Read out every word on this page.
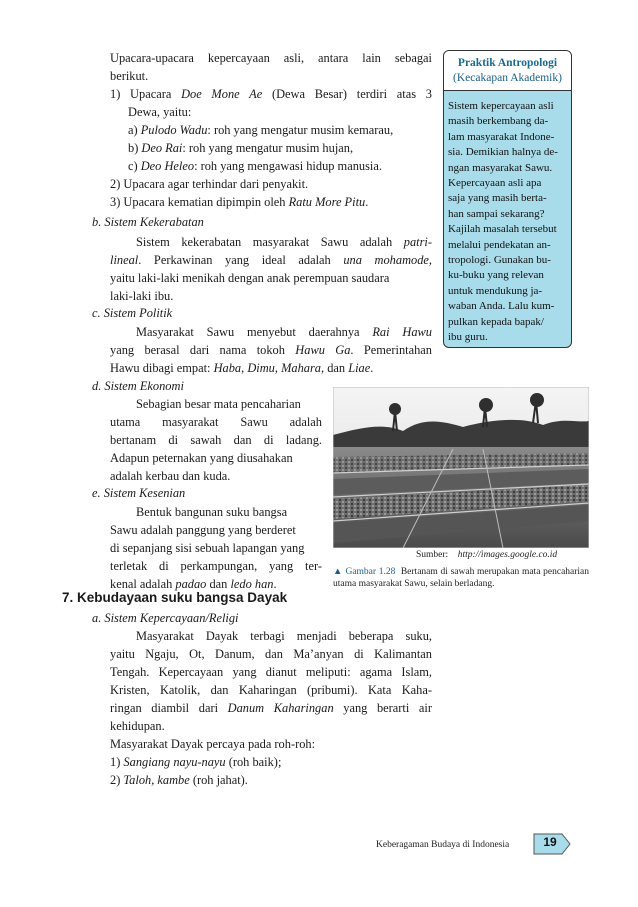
Upacara-upacara kepercayaan asli, antara lain sebagai
berikut.
1) Upacara Doe Mone Ae (Dewa Besar) terdiri atas 3
Dewa, yaitu:
a) Pulodo Wadu: roh yang mengatur musim kemarau,
b) Deo Rai: roh yang mengatur musim hujan,
c) Deo Heleo: roh yang mengawasi hidup manusia.
2) Upacara agar terhindar dari penyakit.
3) Upacara kematian dipimpin oleh Ratu More Pitu.
b. Sistem Kekerabatan
Sistem kekerabatan masyarakat Sawu adalah patri-
lineal. Perkawinan yang ideal adalah una mohamode,
yaitu laki-laki menikah dengan anak perempuan saudara
laki-laki ibu.
c. Sistem Politik
Masyarakat Sawu menyebut daerahnya Rai Hawu
yang berasal dari nama tokoh Hawu Ga. Pemerintahan
Hawu dibagi empat: Haba, Dimu, Mahara, dan Liae.
d. Sistem Ekonomi
Sebagian besar mata pencaharian
utama masyarakat Sawu adalah
bertanam di sawah dan di ladang.
Adapun peternakan yang diusahakan
adalah kerbau dan kuda.
e. Sistem Kesenian
Bentuk bangunan suku bangsa
Sawu adalah panggung yang berderet
di sepanjang sisi sebuah lapangan yang
terletak di perkampungan, yang ter-
kenal adalah padao dan ledo han.
7. Kebudayaan suku bangsa Dayak
a. Sistem Kepercayaan/Religi
Masyarakat Dayak terbagi menjadi beberapa suku,
yaitu Ngaju, Ot, Danum, dan Ma’anyan di Kalimantan
Tengah. Kepercayaan yang dianut meliputi: agama Islam,
Kristen, Katolik, dan Kaharingan (pribumi). Kata Kaha-
ringan diambil dari Danum Kaharingan yang berarti air
kehidupan.
Masyarakat Dayak percaya pada roh-roh:
1) Sangiang nayu-nayu (roh baik);
2) Taloh, kambe (roh jahat).
Praktik Antropologi
(Kecakapan Akademik)
Sistem kepercayaan asli
masih berkembang da-
lam masyarakat Indone-
sia. Demikian halnya de-
ngan masyarakat Sawu.
Kepercayaan asli apa
saja yang masih berta-
han sampai sekarang?
Kajilah masalah tersebut
melalui pendekatan an-
tropologi. Gunakan bu-
ku-buku yang relevan
untuk mendukung ja-
waban Anda. Lalu kum-
pulkan kepada bapak/
ibu guru.
Sumber: http://images.google.co.id
▲ Gambar 1.28 Bertanam di sawah merupakan mata pencaharian utama masyarakat Sawu, selain berladang.
Keberagaman Budaya di Indonesia	19
